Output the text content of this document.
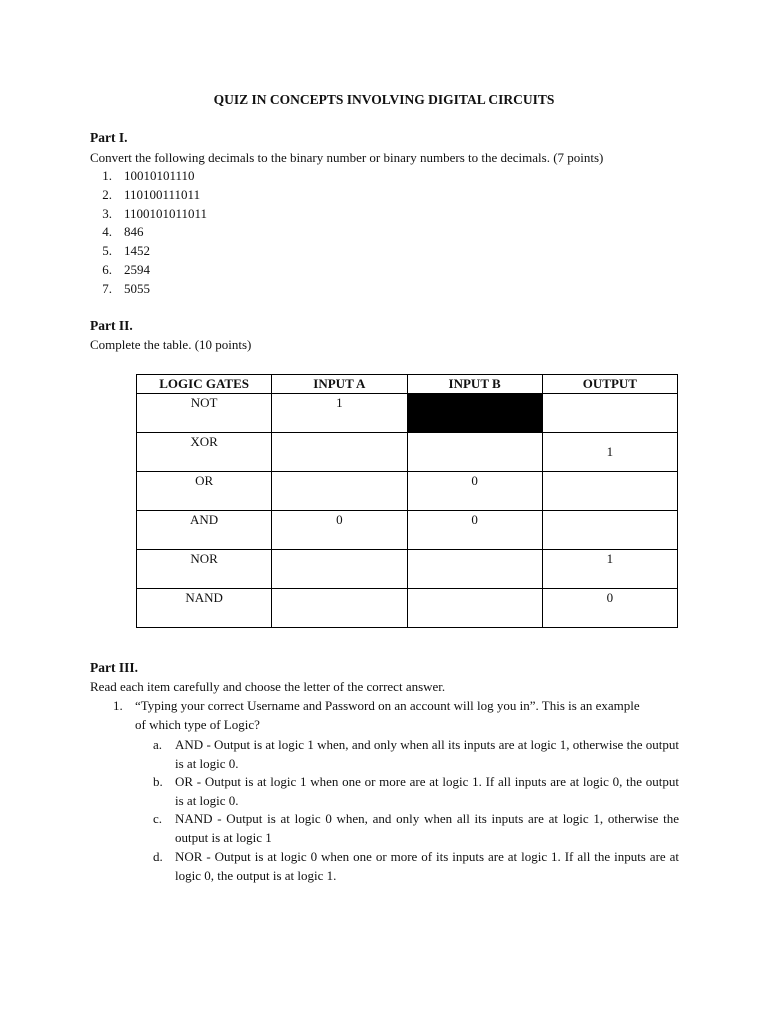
QUIZ IN CONCEPTS INVOLVING DIGITAL CIRCUITS
Part I.
Convert the following decimals to the binary number or binary numbers to the decimals. (7 points)
1. 10010101110
2. 110100111011
3. 1100101011011
4. 846
5. 1452
6. 2594
7. 5055
Part II.
Complete the table. (10 points)
LOGIC GATES	INPUT A	INPUT B	OUTPUT
NOT	1		
XOR			1
OR		0	
AND	0	0	
NOR			1
NAND			0
Part III.
Read each item carefully and choose the letter of the correct answer.
1. “Typing your correct Username and Password on an account will log you in”. This is an example
of which type of Logic?
a. AND - Output is at logic 1 when, and only when all its inputs are at logic 1, otherwise the output is at logic 0.
b. OR - Output is at logic 1 when one or more are at logic 1. If all inputs are at logic 0, the output is at logic 0.
c. NAND - Output is at logic 0 when, and only when all its inputs are at logic 1, otherwise the output is at logic 1
d. NOR - Output is at logic 0 when one or more of its inputs are at logic 1. If all the inputs are at logic 0, the output is at logic 1.
